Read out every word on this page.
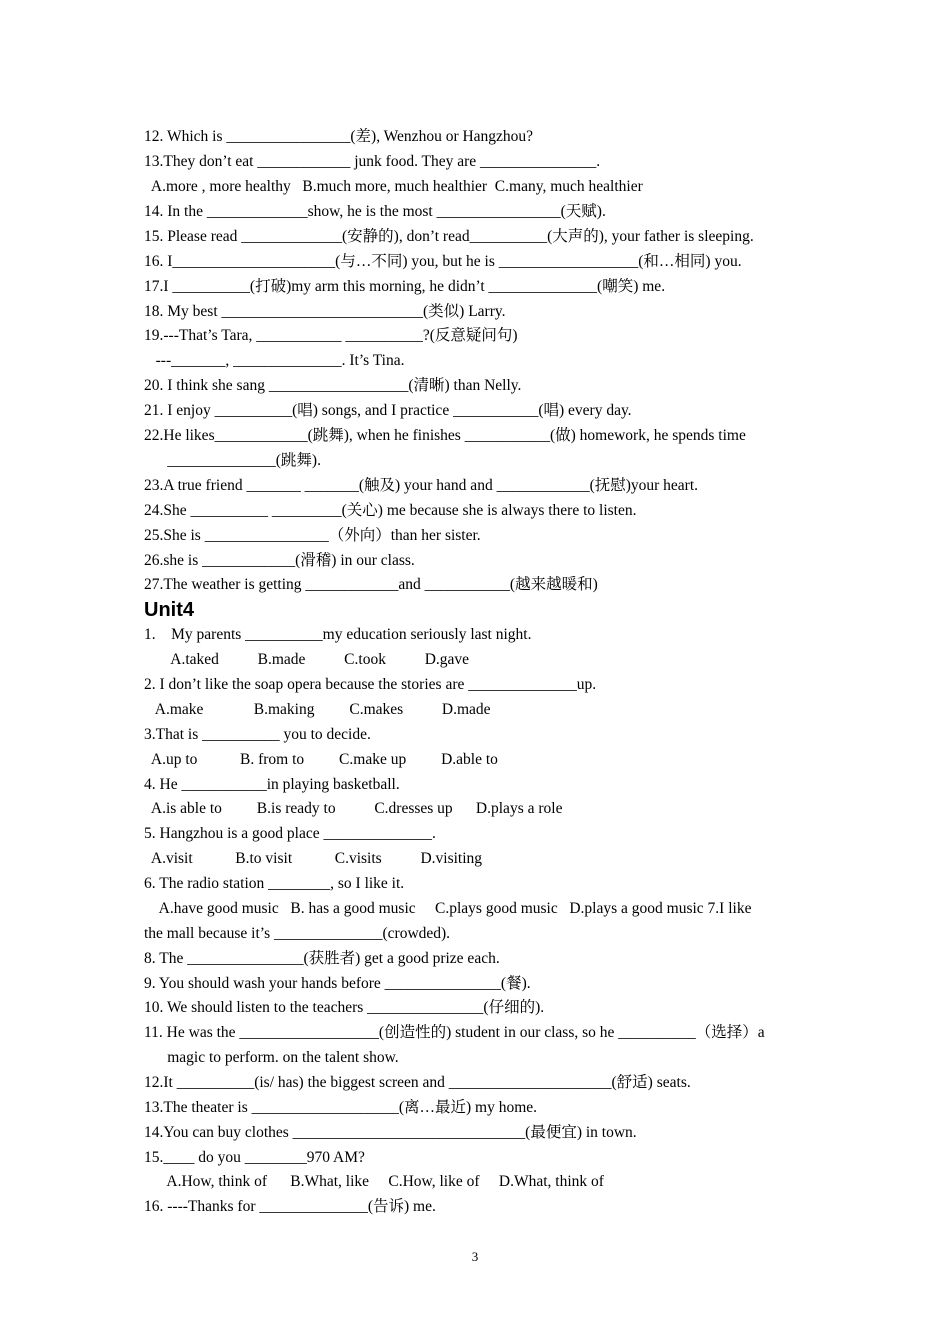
12. Which is ________________(差), Wenzhou or Hangzhou?

13.They don’t eat ____________ junk food. They are _______________.

A.more , more healthy   B.much more, much healthier  C.many, much healthier

14. In the _____________show, he is the most ________________(天赋).

15. Please read _____________(安静的), don’t read__________(大声的), your father is sleeping.

16. I_____________________(与…不同) you, but he is __________________(和…相同) you.

17.I __________(打破)my arm this morning, he didn’t ______________(嘲笑) me.

18. My best __________________________(类似) Larry.

19.---That’s Tara, ___________ __________?(反意疑问句)

---_______, ______________. It’s Tina.

20. I think she sang __________________(清晰) than Nelly.

21. I enjoy __________(唱) songs, and I practice ___________(唱) every day.

22.He likes____________(跳舞), when he finishes ___________(做) homework, he spends time

______________(跳舞).

23.A true friend _______ _______(触及) your hand and ____________(抚慰)your heart.

24.She __________ _________(关心) me because she is always there to listen.

25.She is ________________（外向）than her sister.

26.she is ____________(滑稽) in our class.

27.The weather is getting ____________and ___________(越来越暖和)

Unit4

1.    My parents __________my education seriously last night.

A.taked          B.made          C.took          D.gave

2. I don’t like the soap opera because the stories are ______________up.

A.make             B.making         C.makes          D.made

3.That is __________ you to decide.

A.up to           B. from to         C.make up         D.able to

4. He ___________in playing basketball.

A.is able to         B.is ready to          C.dresses up      D.plays a role

5. Hangzhou is a good place ______________.

A.visit           B.to visit           C.visits          D.visiting

6. The radio station ________, so I like it.

A.have good music   B. has a good music     C.plays good music   D.plays a good music 7.I like

the mall because it’s ______________(crowded).

8. The _______________(获胜者) get a good prize each.

9. You should wash your hands before _______________(餐).

10. We should listen to the teachers _______________(仔细的).

11. He was the __________________(创造性的) student in our class, so he __________（选择）a

magic to perform. on the talent show.

12.It __________(is/ has) the biggest screen and _____________________(舒适) seats.

13.The theater is ___________________(离…最近) my home.

14.You can buy clothes ______________________________(最便宜) in town.

15.____ do you ________970 AM?

A.How, think of      B.What, like     C.How, like of     D.What, think of

16. ----Thanks for ______________(告诉) me.

3
